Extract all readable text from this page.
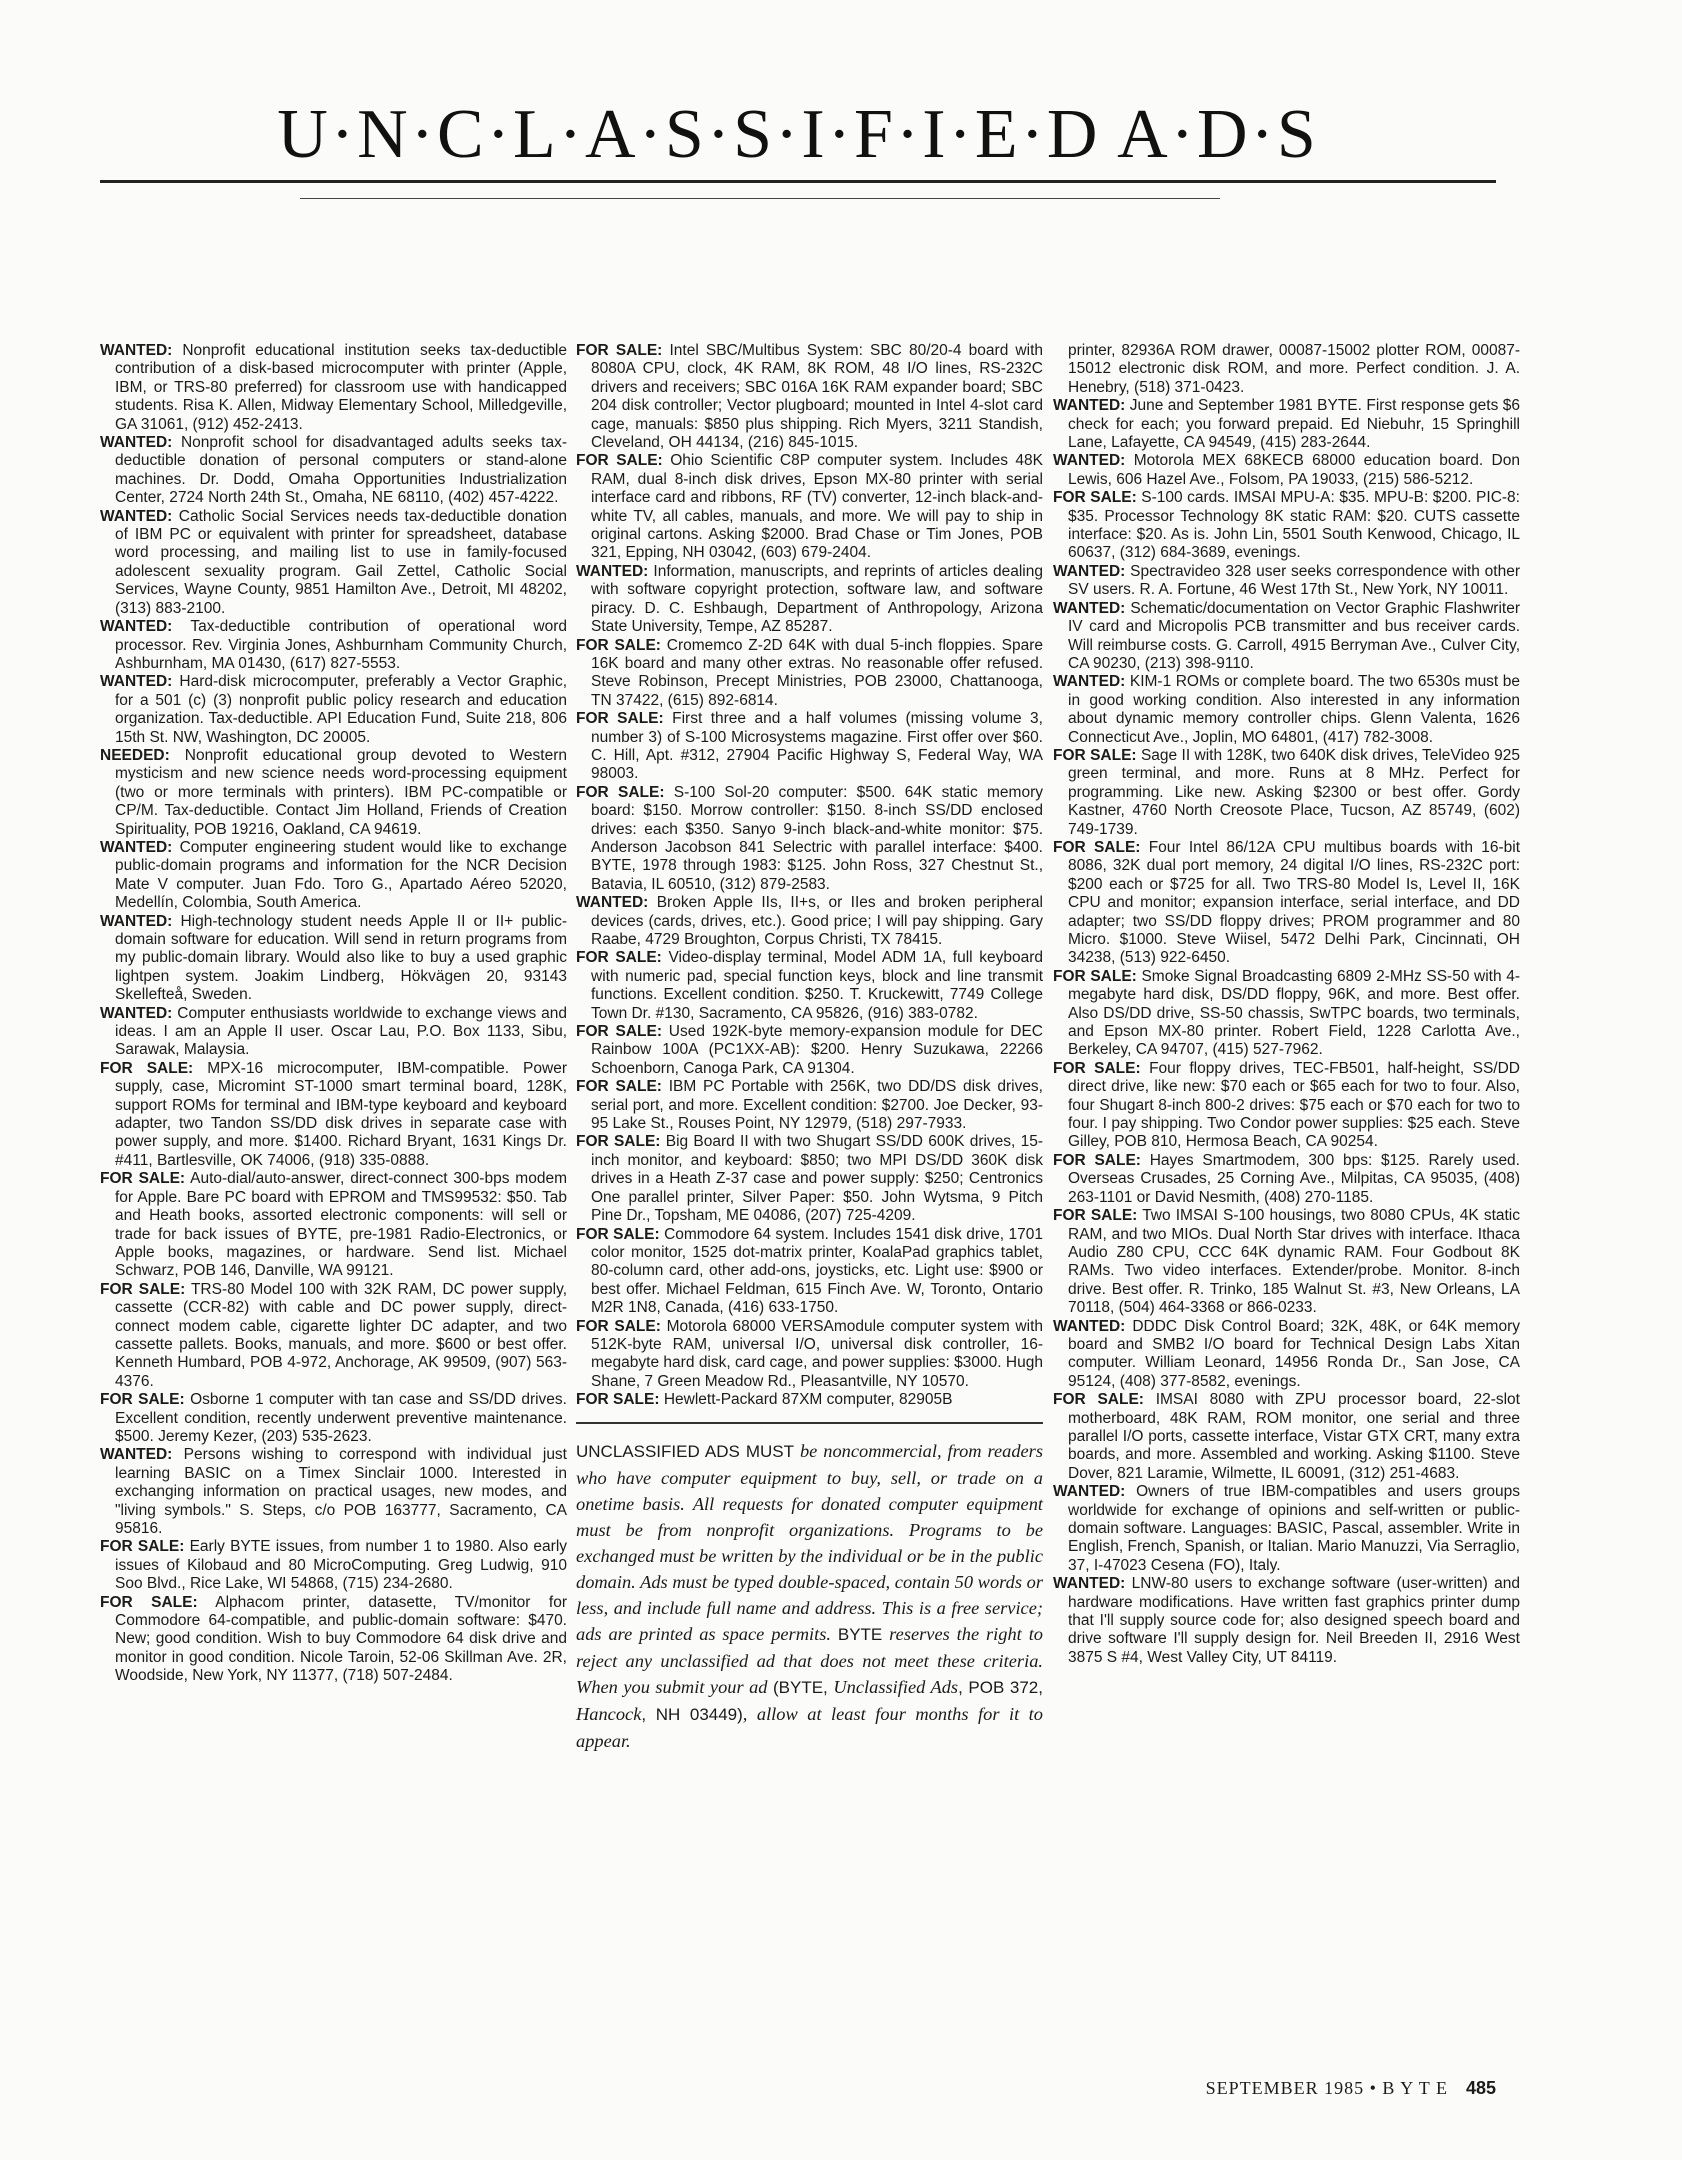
U·N·C·L·A·S·S·I·F·I·E·D A·D·S

WANTED: Nonprofit educational institution seeks tax-deductible contribution of a disk-based microcomputer with printer (Apple, IBM, or TRS-80 preferred) for classroom use with handicapped students. Risa K. Allen, Midway Elementary School, Milledgeville, GA 31061, (912) 452-2413.

WANTED: Nonprofit school for disadvantaged adults seeks tax-deductible donation of personal computers or stand-alone machines. Dr. Dodd, Omaha Opportunities Industrialization Center, 2724 North 24th St., Omaha, NE 68110, (402) 457-4222.

WANTED: Catholic Social Services needs tax-deductible donation of IBM PC or equivalent with printer for spreadsheet, database word processing, and mailing list to use in family-focused adolescent sexuality program. Gail Zettel, Catholic Social Services, Wayne County, 9851 Hamilton Ave., Detroit, MI 48202, (313) 883-2100.

WANTED: Tax-deductible contribution of operational word processor. Rev. Virginia Jones, Ashburnham Community Church, Ashburnham, MA 01430, (617) 827-5553.

WANTED: Hard-disk microcomputer, preferably a Vector Graphic, for a 501 (c) (3) nonprofit public policy research and education organization. Tax-deductible. API Education Fund, Suite 218, 806 15th St. NW, Washington, DC 20005.

NEEDED: Nonprofit educational group devoted to Western mysticism and new science needs word-processing equipment (two or more terminals with printers). IBM PC-compatible or CP/M. Tax-deductible. Contact Jim Holland, Friends of Creation Spirituality, POB 19216, Oakland, CA 94619.

WANTED: Computer engineering student would like to exchange public-domain programs and information for the NCR Decision Mate V computer. Juan Fdo. Toro G., Apartado Aéreo 52020, Medellín, Colombia, South America.

WANTED: High-technology student needs Apple II or II+ public-domain software for education. Will send in return programs from my public-domain library. Would also like to buy a used graphic lightpen system. Joakim Lindberg, Hökvägen 20, 93143 Skellefteå, Sweden.

WANTED: Computer enthusiasts worldwide to exchange views and ideas. I am an Apple II user. Oscar Lau, P.O. Box 1133, Sibu, Sarawak, Malaysia.

FOR SALE: MPX-16 microcomputer, IBM-compatible. Power supply, case, Micromint ST-1000 smart terminal board, 128K, support ROMs for terminal and IBM-type keyboard and keyboard adapter, two Tandon SS/DD disk drives in separate case with power supply, and more. $1400. Richard Bryant, 1631 Kings Dr. #411, Bartlesville, OK 74006, (918) 335-0888.

FOR SALE: Auto-dial/auto-answer, direct-connect 300-bps modem for Apple. Bare PC board with EPROM and TMS99532: $50. Tab and Heath books, assorted electronic components: will sell or trade for back issues of BYTE, pre-1981 Radio-Electronics, or Apple books, magazines, or hardware. Send list. Michael Schwarz, POB 146, Danville, WA 99121.

FOR SALE: TRS-80 Model 100 with 32K RAM, DC power supply, cassette (CCR-82) with cable and DC power supply, direct-connect modem cable, cigarette lighter DC adapter, and two cassette pallets. Books, manuals, and more. $600 or best offer. Kenneth Humbard, POB 4-972, Anchorage, AK 99509, (907) 563-4376.

FOR SALE: Osborne 1 computer with tan case and SS/DD drives. Excellent condition, recently underwent preventive maintenance. $500. Jeremy Kezer, (203) 535-2623.

WANTED: Persons wishing to correspond with individual just learning BASIC on a Timex Sinclair 1000. Interested in exchanging information on practical usages, new modes, and "living symbols." S. Steps, c/o POB 163777, Sacramento, CA 95816.

FOR SALE: Early BYTE issues, from number 1 to 1980. Also early issues of Kilobaud and 80 MicroComputing. Greg Ludwig, 910 Soo Blvd., Rice Lake, WI 54868, (715) 234-2680.

FOR SALE: Alphacom printer, datasette, TV/monitor for Commodore 64-compatible, and public-domain software: $470. New; good condition. Wish to buy Commodore 64 disk drive and monitor in good condition. Nicole Taroin, 52-06 Skillman Ave. 2R, Woodside, New York, NY 11377, (718) 507-2484.

FOR SALE: Intel SBC/Multibus System: SBC 80/20-4 board with 8080A CPU, clock, 4K RAM, 8K ROM, 48 I/O lines, RS-232C drivers and receivers; SBC 016A 16K RAM expander board; SBC 204 disk controller; Vector plugboard; mounted in Intel 4-slot card cage, manuals: $850 plus shipping. Rich Myers, 3211 Standish, Cleveland, OH 44134, (216) 845-1015.

FOR SALE: Ohio Scientific C8P computer system. Includes 48K RAM, dual 8-inch disk drives, Epson MX-80 printer with serial interface card and ribbons, RF (TV) converter, 12-inch black-and-white TV, all cables, manuals, and more. We will pay to ship in original cartons. Asking $2000. Brad Chase or Tim Jones, POB 321, Epping, NH 03042, (603) 679-2404.

WANTED: Information, manuscripts, and reprints of articles dealing with software copyright protection, software law, and software piracy. D. C. Eshbaugh, Department of Anthropology, Arizona State University, Tempe, AZ 85287.

FOR SALE: Cromemco Z-2D 64K with dual 5-inch floppies. Spare 16K board and many other extras. No reasonable offer refused. Steve Robinson, Precept Ministries, POB 23000, Chattanooga, TN 37422, (615) 892-6814.

FOR SALE: First three and a half volumes (missing volume 3, number 3) of S-100 Microsystems magazine. First offer over $60. C. Hill, Apt. #312, 27904 Pacific Highway S, Federal Way, WA 98003.

FOR SALE: S-100 Sol-20 computer: $500. 64K static memory board: $150. Morrow controller: $150. 8-inch SS/DD enclosed drives: each $350. Sanyo 9-inch black-and-white monitor: $75. Anderson Jacobson 841 Selectric with parallel interface: $400. BYTE, 1978 through 1983: $125. John Ross, 327 Chestnut St., Batavia, IL 60510, (312) 879-2583.

WANTED: Broken Apple IIs, II+s, or IIes and broken peripheral devices (cards, drives, etc.). Good price; I will pay shipping. Gary Raabe, 4729 Broughton, Corpus Christi, TX 78415.

FOR SALE: Video-display terminal, Model ADM 1A, full keyboard with numeric pad, special function keys, block and line transmit functions. Excellent condition. $250. T. Kruckewitt, 7749 College Town Dr. #130, Sacramento, CA 95826, (916) 383-0782.

FOR SALE: Used 192K-byte memory-expansion module for DEC Rainbow 100A (PC1XX-AB): $200. Henry Suzukawa, 22266 Schoenborn, Canoga Park, CA 91304.

FOR SALE: IBM PC Portable with 256K, two DD/DS disk drives, serial port, and more. Excellent condition: $2700. Joe Decker, 93-95 Lake St., Rouses Point, NY 12979, (518) 297-7933.

FOR SALE: Big Board II with two Shugart SS/DD 600K drives, 15-inch monitor, and keyboard: $850; two MPI DS/DD 360K disk drives in a Heath Z-37 case and power supply: $250; Centronics One parallel printer, Silver Paper: $50. John Wytsma, 9 Pitch Pine Dr., Topsham, ME 04086, (207) 725-4209.

FOR SALE: Commodore 64 system. Includes 1541 disk drive, 1701 color monitor, 1525 dot-matrix printer, KoalaPad graphics tablet, 80-column card, other add-ons, joysticks, etc. Light use: $900 or best offer. Michael Feldman, 615 Finch Ave. W, Toronto, Ontario M2R 1N8, Canada, (416) 633-1750.

FOR SALE: Motorola 68000 VERSAmodule computer system with 512K-byte RAM, universal I/O, universal disk controller, 16-megabyte hard disk, card cage, and power supplies: $3000. Hugh Shane, 7 Green Meadow Rd., Pleasantville, NY 10570.

FOR SALE: Hewlett-Packard 87XM computer, 82905B

UNCLASSIFIED ADS MUST be noncommercial, from readers who have computer equipment to buy, sell, or trade on a onetime basis. All requests for donated computer equipment must be from nonprofit organizations. Programs to be exchanged must be written by the individual or be in the public domain. Ads must be typed double-spaced, contain 50 words or less, and include full name and address. This is a free service; ads are printed as space permits. BYTE reserves the right to reject any unclassified ad that does not meet these criteria. When you submit your ad (BYTE, Unclassified Ads, POB 372, Hancock, NH 03449), allow at least four months for it to appear.

printer, 82936A ROM drawer, 00087-15002 plotter ROM, 00087-15012 electronic disk ROM, and more. Perfect condition. J. A. Henebry, (518) 371-0423.

WANTED: June and September 1981 BYTE. First response gets $6 check for each; you forward prepaid. Ed Niebuhr, 15 Springhill Lane, Lafayette, CA 94549, (415) 283-2644.

WANTED: Motorola MEX 68KECB 68000 education board. Don Lewis, 606 Hazel Ave., Folsom, PA 19033, (215) 586-5212.

FOR SALE: S-100 cards. IMSAI MPU-A: $35. MPU-B: $200. PIC-8: $35. Processor Technology 8K static RAM: $20. CUTS cassette interface: $20. As is. John Lin, 5501 South Kenwood, Chicago, IL 60637, (312) 684-3689, evenings.

WANTED: Spectravideo 328 user seeks correspondence with other SV users. R. A. Fortune, 46 West 17th St., New York, NY 10011.

WANTED: Schematic/documentation on Vector Graphic Flashwriter IV card and Micropolis PCB transmitter and bus receiver cards. Will reimburse costs. G. Carroll, 4915 Berryman Ave., Culver City, CA 90230, (213) 398-9110.

WANTED: KIM-1 ROMs or complete board. The two 6530s must be in good working condition. Also interested in any information about dynamic memory controller chips. Glenn Valenta, 1626 Connecticut Ave., Joplin, MO 64801, (417) 782-3008.

FOR SALE: Sage II with 128K, two 640K disk drives, TeleVideo 925 green terminal, and more. Runs at 8 MHz. Perfect for programming. Like new. Asking $2300 or best offer. Gordy Kastner, 4760 North Creosote Place, Tucson, AZ 85749, (602) 749-1739.

FOR SALE: Four Intel 86/12A CPU multibus boards with 16-bit 8086, 32K dual port memory, 24 digital I/O lines, RS-232C port: $200 each or $725 for all. Two TRS-80 Model Is, Level II, 16K CPU and monitor; expansion interface, serial interface, and DD adapter; two SS/DD floppy drives; PROM programmer and 80 Micro. $1000. Steve Wiisel, 5472 Delhi Park, Cincinnati, OH 34238, (513) 922-6450.

FOR SALE: Smoke Signal Broadcasting 6809 2-MHz SS-50 with 4-megabyte hard disk, DS/DD floppy, 96K, and more. Best offer. Also DS/DD drive, SS-50 chassis, SwTPC boards, two terminals, and Epson MX-80 printer. Robert Field, 1228 Carlotta Ave., Berkeley, CA 94707, (415) 527-7962.

FOR SALE: Four floppy drives, TEC-FB501, half-height, SS/DD direct drive, like new: $70 each or $65 each for two to four. Also, four Shugart 8-inch 800-2 drives: $75 each or $70 each for two to four. I pay shipping. Two Condor power supplies: $25 each. Steve Gilley, POB 810, Hermosa Beach, CA 90254.

FOR SALE: Hayes Smartmodem, 300 bps: $125. Rarely used. Overseas Crusades, 25 Corning Ave., Milpitas, CA 95035, (408) 263-1101 or David Nesmith, (408) 270-1185.

FOR SALE: Two IMSAI S-100 housings, two 8080 CPUs, 4K static RAM, and two MIOs. Dual North Star drives with interface. Ithaca Audio Z80 CPU, CCC 64K dynamic RAM. Four Godbout 8K RAMs. Two video interfaces. Extender/probe. Monitor. 8-inch drive. Best offer. R. Trinko, 185 Walnut St. #3, New Orleans, LA 70118, (504) 464-3368 or 866-0233.

WANTED: DDDC Disk Control Board; 32K, 48K, or 64K memory board and SMB2 I/O board for Technical Design Labs Xitan computer. William Leonard, 14956 Ronda Dr., San Jose, CA 95124, (408) 377-8582, evenings.

FOR SALE: IMSAI 8080 with ZPU processor board, 22-slot motherboard, 48K RAM, ROM monitor, one serial and three parallel I/O ports, cassette interface, Vistar GTX CRT, many extra boards, and more. Assembled and working. Asking $1100. Steve Dover, 821 Laramie, Wilmette, IL 60091, (312) 251-4683.

WANTED: Owners of true IBM-compatibles and users groups worldwide for exchange of opinions and self-written or public-domain software. Languages: BASIC, Pascal, assembler. Write in English, French, Spanish, or Italian. Mario Manuzzi, Via Serraglio, 37, I-47023 Cesena (FO), Italy.

WANTED: LNW-80 users to exchange software (user-written) and hardware modifications. Have written fast graphics printer dump that I'll supply source code for; also designed speech board and drive software I'll supply design for. Neil Breeden II, 2916 West 3875 S #4, West Valley City, UT 84119.

SEPTEMBER 1985 • B Y T E 485
